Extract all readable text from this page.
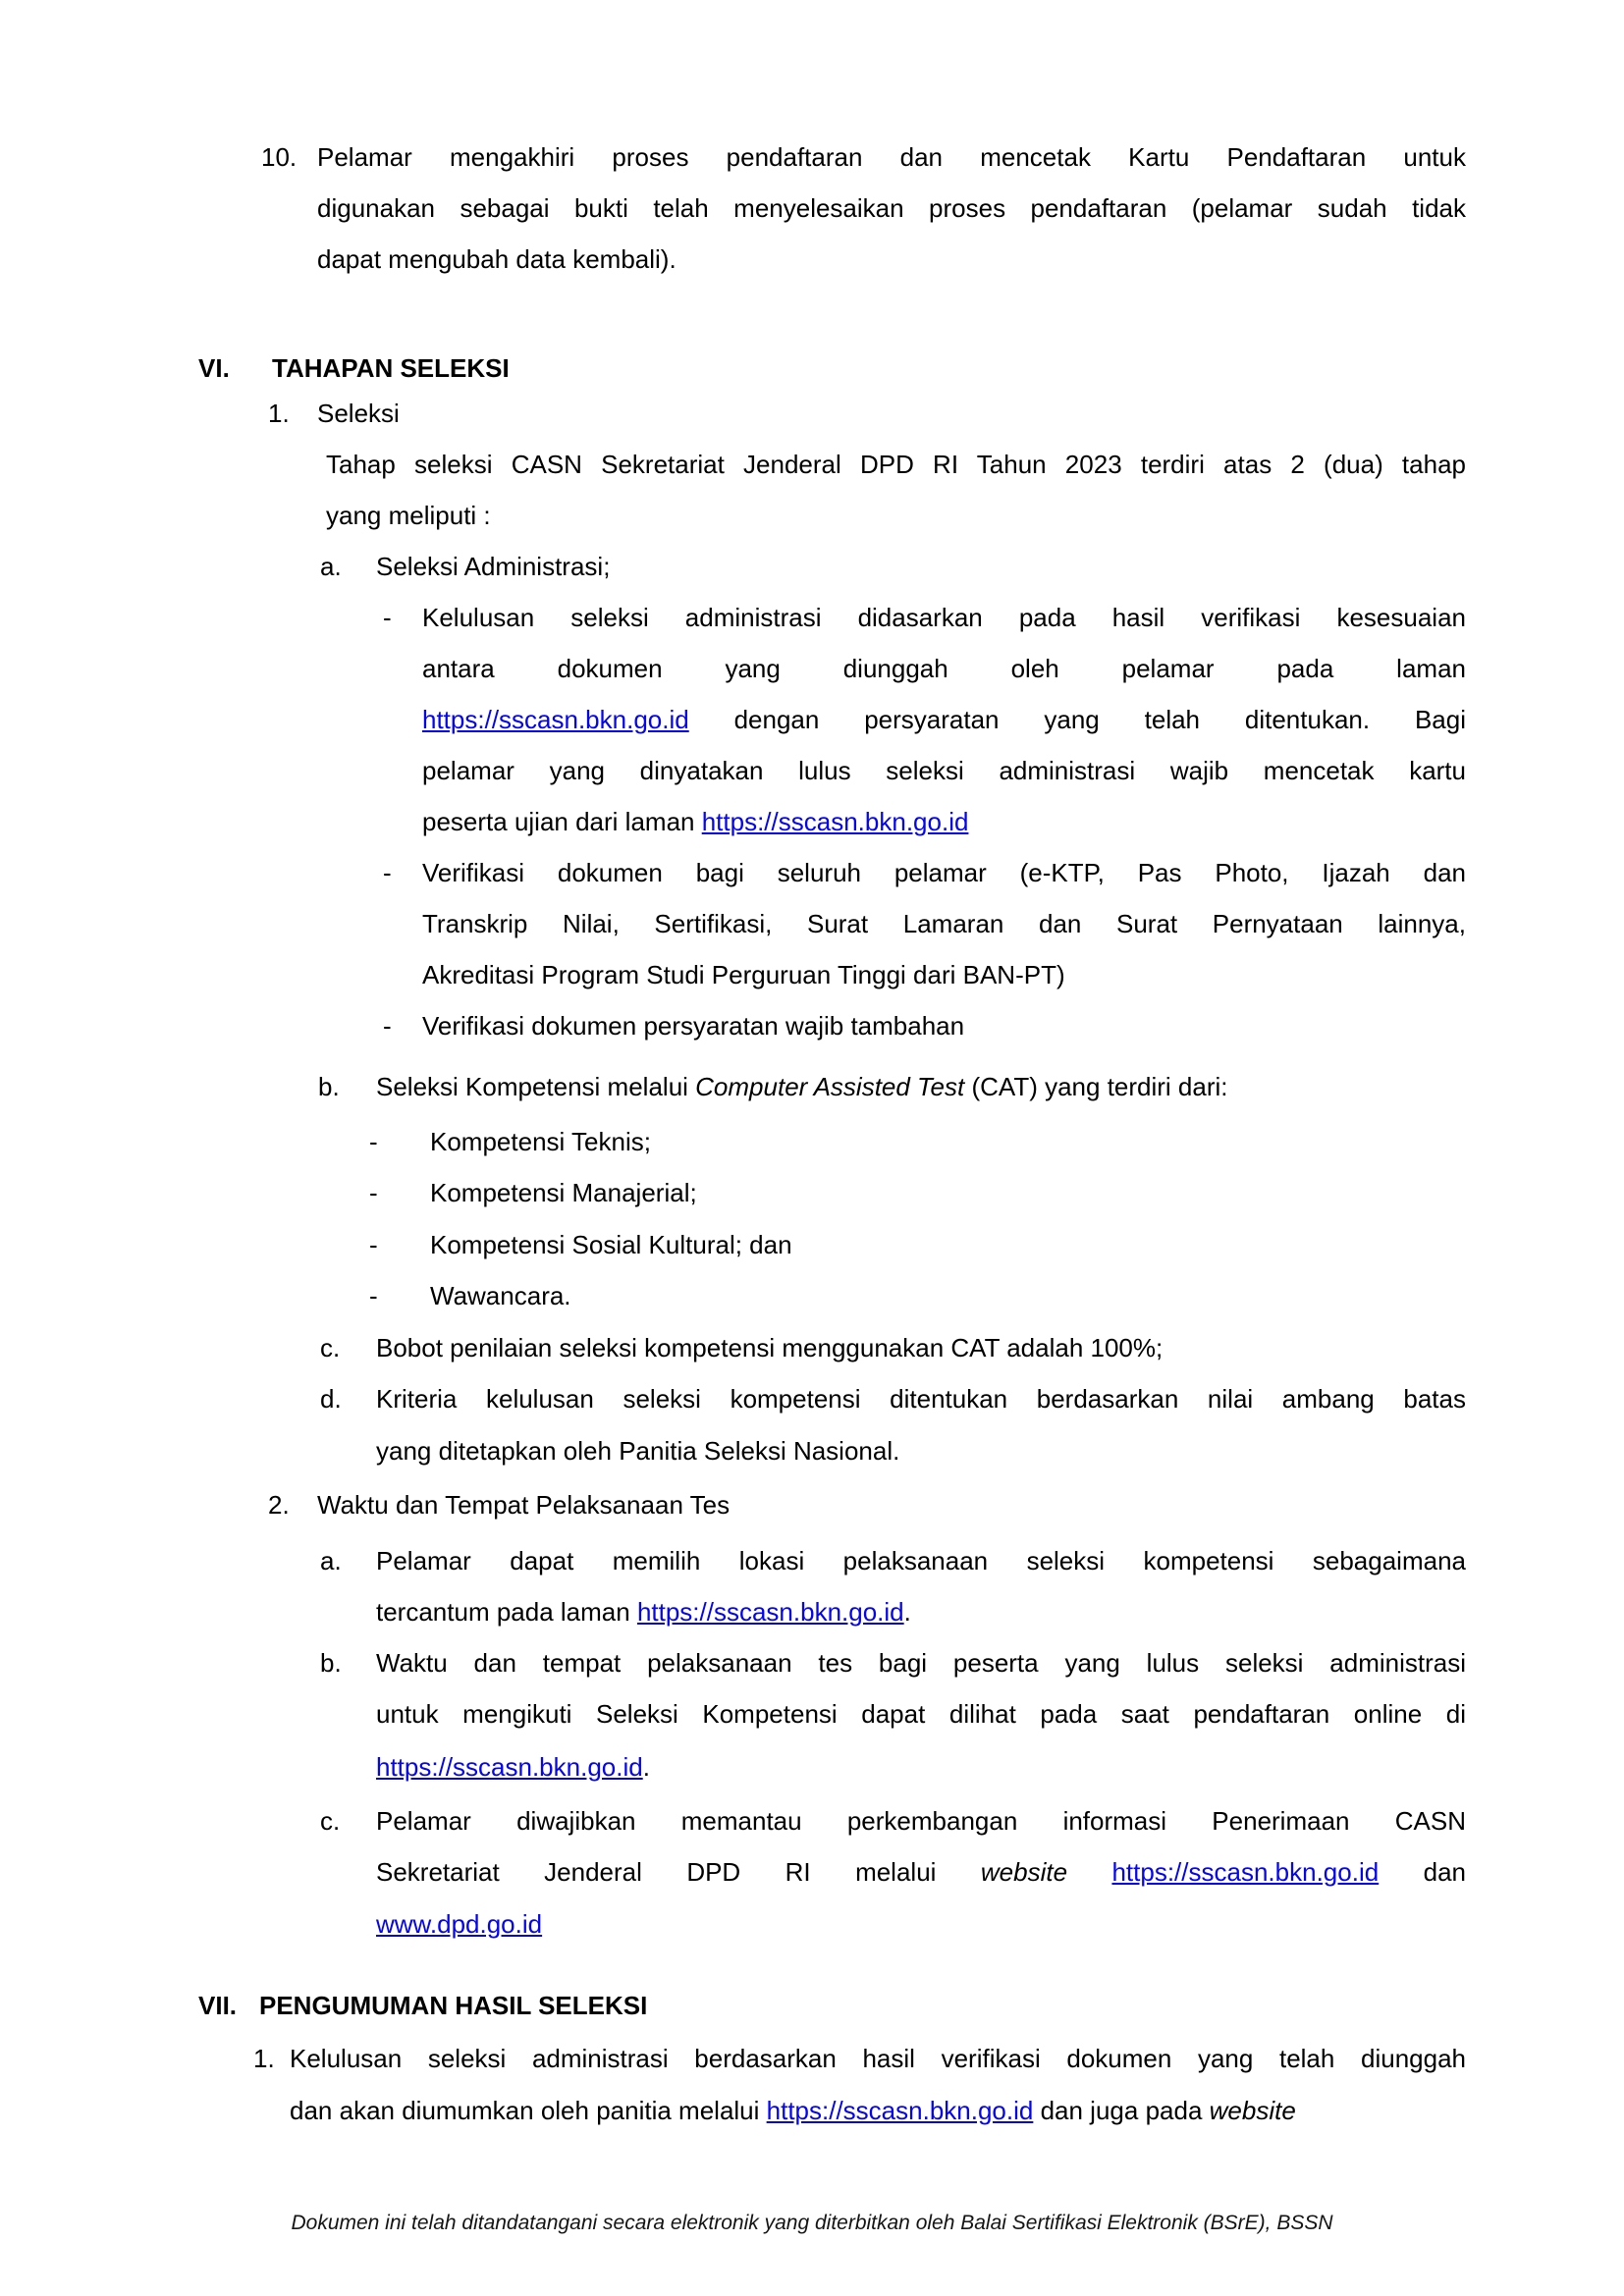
10. Pelamar mengakhiri proses pendaftaran dan mencetak Kartu Pendaftaran untuk
digunakan sebagai bukti telah menyelesaikan proses pendaftaran (pelamar sudah tidak
dapat mengubah data kembali).
VI. TAHAPAN SELEKSI
1. Seleksi
Tahap seleksi CASN Sekretariat Jenderal DPD RI Tahun 2023 terdiri atas 2 (dua) tahap
yang meliputi :
a. Seleksi Administrasi;
- Kelulusan seleksi administrasi didasarkan pada hasil verifikasi kesesuaian
antara dokumen yang diunggah oleh pelamar pada laman
https://sscasn.bkn.go.id dengan persyaratan yang telah ditentukan. Bagi
pelamar yang dinyatakan lulus seleksi administrasi wajib mencetak kartu
peserta ujian dari laman https://sscasn.bkn.go.id
- Verifikasi dokumen bagi seluruh pelamar (e-KTP, Pas Photo, Ijazah dan
Transkrip Nilai, Sertifikasi, Surat Lamaran dan Surat Pernyataan lainnya,
Akreditasi Program Studi Perguruan Tinggi dari BAN-PT)
- Verifikasi dokumen persyaratan wajib tambahan
b. Seleksi Kompetensi melalui Computer Assisted Test (CAT) yang terdiri dari:
- Kompetensi Teknis;
- Kompetensi Manajerial;
- Kompetensi Sosial Kultural; dan
- Wawancara.
c. Bobot penilaian seleksi kompetensi menggunakan CAT adalah 100%;
d. Kriteria kelulusan seleksi kompetensi ditentukan berdasarkan nilai ambang batas
yang ditetapkan oleh Panitia Seleksi Nasional.
2. Waktu dan Tempat Pelaksanaan Tes
a. Pelamar dapat memilih lokasi pelaksanaan seleksi kompetensi sebagaimana
tercantum pada laman https://sscasn.bkn.go.id.
b. Waktu dan tempat pelaksanaan tes bagi peserta yang lulus seleksi administrasi
untuk mengikuti Seleksi Kompetensi dapat dilihat pada saat pendaftaran online di
https://sscasn.bkn.go.id.
c. Pelamar diwajibkan memantau perkembangan informasi Penerimaan CASN
Sekretariat Jenderal DPD RI melalui website https://sscasn.bkn.go.id dan
www.dpd.go.id
VII. PENGUMUMAN HASIL SELEKSI
1. Kelulusan seleksi administrasi berdasarkan hasil verifikasi dokumen yang telah diunggah
dan akan diumumkan oleh panitia melalui https://sscasn.bkn.go.id dan juga pada website
Dokumen ini telah ditandatangani secara elektronik yang diterbitkan oleh Balai Sertifikasi Elektronik (BSrE), BSSN
